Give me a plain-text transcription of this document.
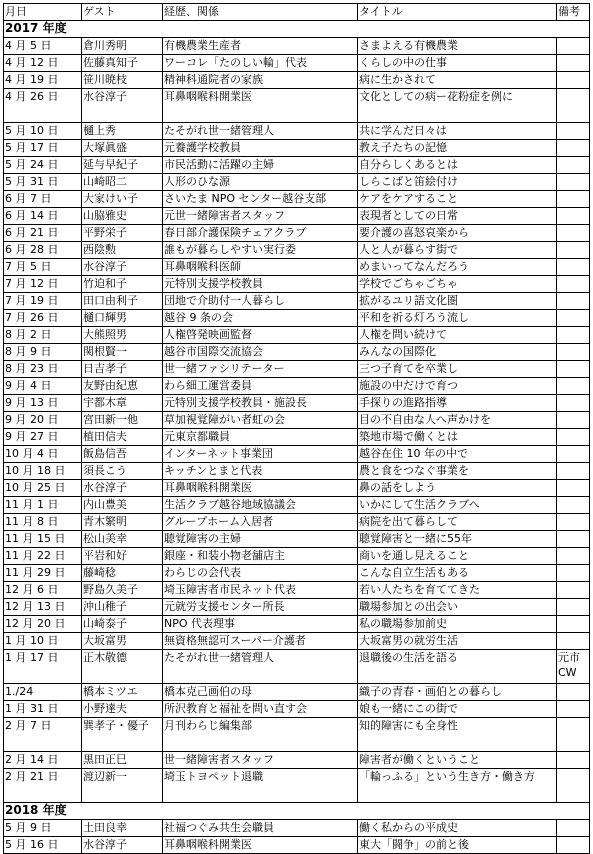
月日	ゲスト	経歴、関係	タイトル	備考
2017 年度				
4 月 5 日	倉川秀明	有機農業生産者	さまよえる有機農業	
4 月 12 日	佐藤真知子	ワーコレ「たのしい輪」代表	くらしの中の仕事	
4 月 19 日	笹川暁枝	精神科通院者の家族	病に生かされて	
4 月 26 日	水谷淳子	耳鼻咽喉科開業医	文化としての病ー花粉症を例に	
5 月 10 日	樋上秀	たそがれ世一緒管理人	共に学んだ日々は	
5 月 17 日	大塚眞盛	元養護学校教員	教え子たちの記憶	
5 月 24 日	延与早紀子	市民活動に活躍の主婦	自分らしくあるとは	
5 月 31 日	山崎昭二	人形のひな源	しらこばと笛絵付け	
6 月 7 日	大家けい子	さいたま NPO センター越谷支部	ケアをケアすること	
6 月 14 日	山脇雅史	元世一緒障害者スタッフ	表現者としての日常	
6 月 21 日	平野栄子	春日部介護保険チェアクラブ	要介護の喜怒哀楽から	
6 月 28 日	西陰勲	誰もが暮らしやすい実行委	人と人が暮らす街で	
7 月 5 日	水谷淳子	耳鼻咽喉科医師	めまいってなんだろう	
7 月 12 日	竹迫和子	元特別支援学校教員	学校でごちゃごちゃ	
7 月 19 日	田口由利子	団地で介助付一人暮らし	拡がるユリ語文化圏	
7 月 26 日	樋口輝男	越谷 9 条の会	平和を祈る灯ろう流し	
8 月 2 日	大熊照男	人権啓発映画監督	人権を問い続けて	
8 月 9 日	関根賢一	越谷市国際交流協会	みんなの国際化	
8 月 23 日	日吉孝子	世一緒ファシリテーター	三つ子育てを卒業し	
9 月 4 日	友野由紀恵	わら細工運営委員	施設の中だけで育つ	
9 月 13 日	宇都木章	元特別支援学校教員・施設長	手探りの進路指導	
9 月 20 日	宮田新一他	草加視覚障がい者虹の会	目の不自由な人へ声かけを	
9 月 27 日	植田信夫	元東京都職員	築地市場で働くとは	
10 月 4 日	飯島信吾	インターネット事業団	越谷在住 10 年の中で	
10 月 18 日	須長こう	キッチンとまと代表	農と食をつなぐ事業を	
10 月 25 日	水谷淳子	耳鼻咽喉科開業医	鼻の話をしよう	
11 月 1 日	内山豊美	生活クラブ越谷地域協議会	いかにして生活クラブへ	
11 月 8 日	青木繁明	グループホーム入居者	病院を出て暮らして	
11 月 15 日	松山美幸	聴覚障害の主婦	聴覚障害と一緒に55年	
11 月 22 日	平岩和好	銀座・和装小物老舗店主	商いを通し見えること	
11 月 29 日	藤崎稔	わらじの会代表	こんな自立生活もある	
12 月 6 日	野島久美子	埼玉障害者市民ネット代表	若い人たちを育ててきた	
12 月 13 日	沖山稚子	元就労支援センター所長	職場参加との出会い	
12 月 20 日	山崎泰子	NPO 代表理事	私の職場参加前史	
1 月 10 日	大坂富男	無資格無認可スーパー介護者	大坂富男の就労生活	
1 月 17 日	正木敬德	たそがれ世一緒管理人	退職後の生活を語る	元市 CW
1./24	橋本ミツエ	橋本克己画伯の母	織子の青春・画伯との暮らし	
1 月 31 日	小野達夫	所沢教育と福祉を問い直す会	娘も一緒にこの街で	
2 月 7 日	巽孝子・優子	月刊わらじ編集部	知的障害にも全身性	
2 月 14 日	黒田正巳	世一緒障害者スタッフ	障害者が働くということ	
2 月 21 日	渡辺新一	埼玉トヨペット退職	「輪っふる」という生き方・働き方	
2018 年度				
5 月 9 日	土田良幸	社福つぐみ共生会職員	働く私からの平成史	
5 月 16 日	水谷淳子	耳鼻咽喉科開業医	東大「闘争」の前と後	
